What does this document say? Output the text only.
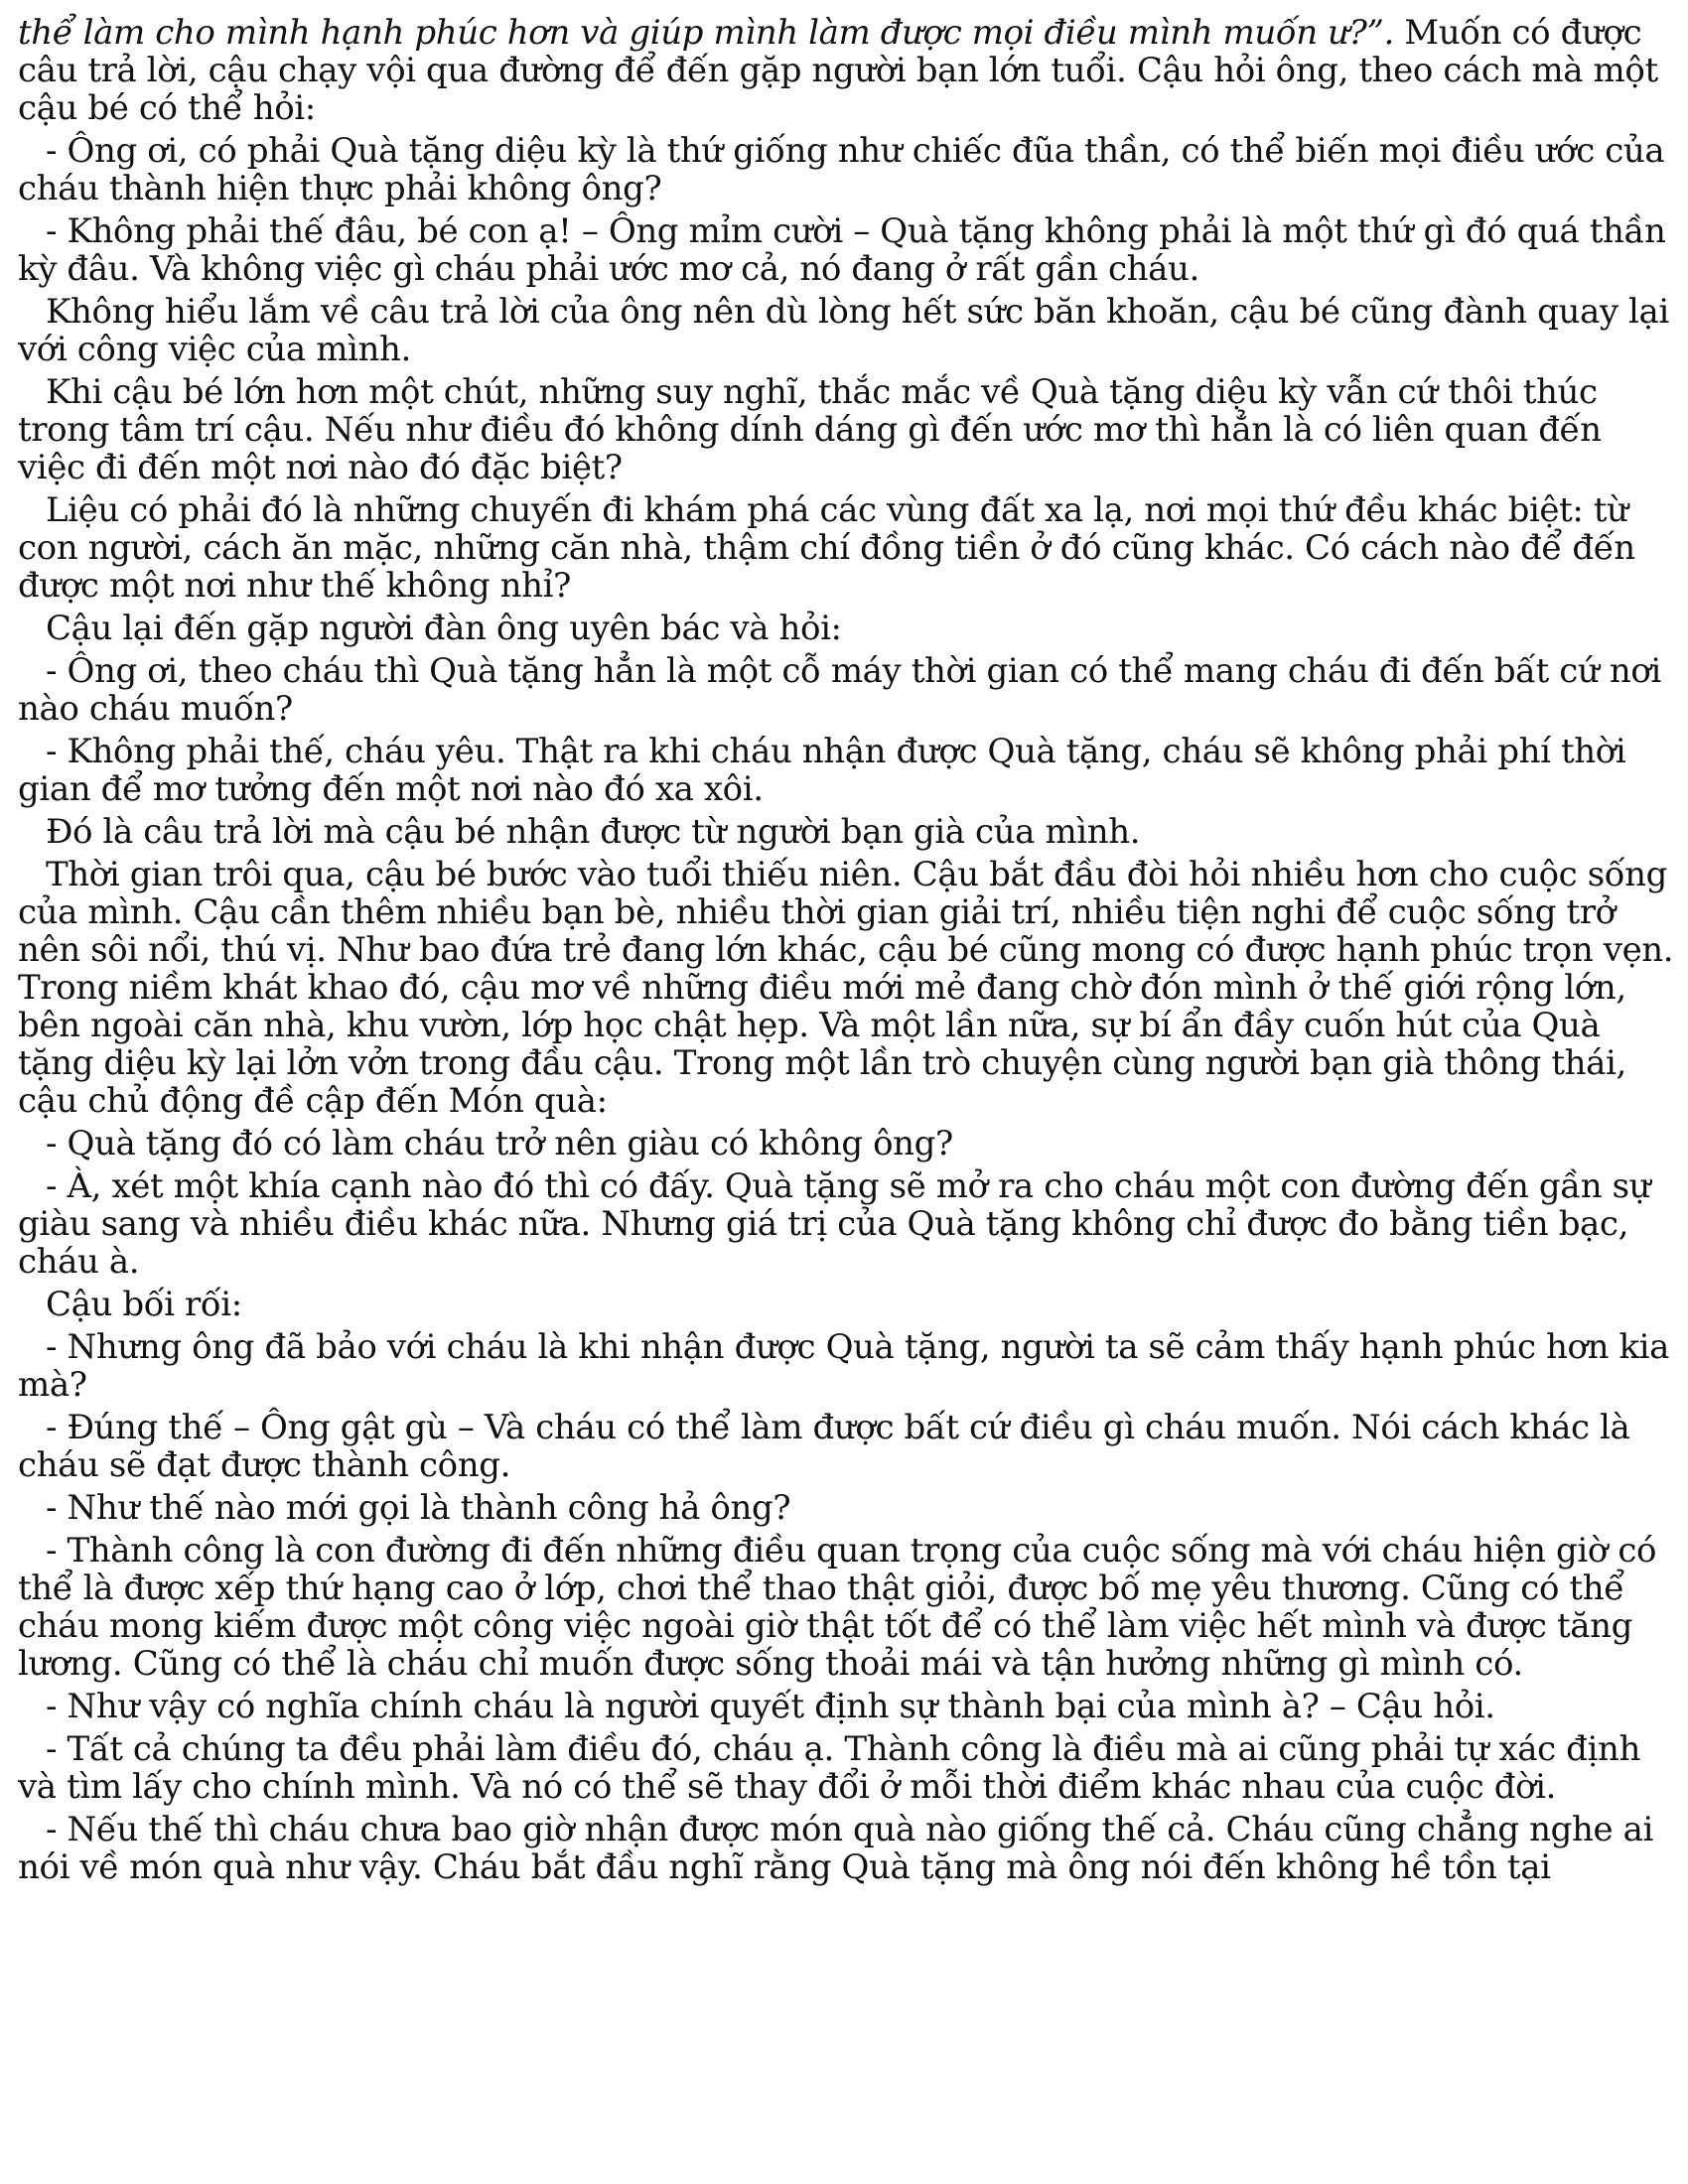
thể làm cho mình hạnh phúc hơn và giúp mình làm được mọi điều mình muốn ư?”. Muốn có được câu trả lời, cậu chạy vội qua đường để đến gặp người bạn lớn tuổi. Cậu hỏi ông, theo cách mà một cậu bé có thể hỏi:

- Ông ơi, có phải Quà tặng diệu kỳ là thứ giống như chiếc đũa thần, có thể biến mọi điều ước của cháu thành hiện thực phải không ông?

- Không phải thế đâu, bé con ạ! – Ông mỉm cười – Quà tặng không phải là một thứ gì đó quá thần kỳ đâu. Và không việc gì cháu phải ước mơ cả, nó đang ở rất gần cháu.

Không hiểu lắm về câu trả lời của ông nên dù lòng hết sức băn khoăn, cậu bé cũng đành quay lại với công việc của mình.

Khi cậu bé lớn hơn một chút, những suy nghĩ, thắc mắc về Quà tặng diệu kỳ vẫn cứ thôi thúc trong tâm trí cậu. Nếu như điều đó không dính dáng gì đến ước mơ thì hẳn là có liên quan đến việc đi đến một nơi nào đó đặc biệt?

Liệu có phải đó là những chuyến đi khám phá các vùng đất xa lạ, nơi mọi thứ đều khác biệt: từ con người, cách ăn mặc, những căn nhà, thậm chí đồng tiền ở đó cũng khác. Có cách nào để đến được một nơi như thế không nhỉ?

Cậu lại đến gặp người đàn ông uyên bác và hỏi:

- Ông ơi, theo cháu thì Quà tặng hẳn là một cỗ máy thời gian có thể mang cháu đi đến bất cứ nơi nào cháu muốn?

- Không phải thế, cháu yêu. Thật ra khi cháu nhận được Quà tặng, cháu sẽ không phải phí thời gian để mơ tưởng đến một nơi nào đó xa xôi.

Đó là câu trả lời mà cậu bé nhận được từ người bạn già của mình.

Thời gian trôi qua, cậu bé bước vào tuổi thiếu niên. Cậu bắt đầu đòi hỏi nhiều hơn cho cuộc sống của mình. Cậu cần thêm nhiều bạn bè, nhiều thời gian giải trí, nhiều tiện nghi để cuộc sống trở nên sôi nổi, thú vị. Như bao đứa trẻ đang lớn khác, cậu bé cũng mong có được hạnh phúc trọn vẹn. Trong niềm khát khao đó, cậu mơ về những điều mới mẻ đang chờ đón mình ở thế giới rộng lớn, bên ngoài căn nhà, khu vườn, lớp học chật hẹp. Và một lần nữa, sự bí ẩn đầy cuốn hút của Quà tặng diệu kỳ lại lởn vởn trong đầu cậu. Trong một lần trò chuyện cùng người bạn già thông thái, cậu chủ động đề cập đến Món quà:

- Quà tặng đó có làm cháu trở nên giàu có không ông?

- À, xét một khía cạnh nào đó thì có đấy. Quà tặng sẽ mở ra cho cháu một con đường đến gần sự giàu sang và nhiều điều khác nữa. Nhưng giá trị của Quà tặng không chỉ được đo bằng tiền bạc, cháu à.

Cậu bối rối:

- Nhưng ông đã bảo với cháu là khi nhận được Quà tặng, người ta sẽ cảm thấy hạnh phúc hơn kia mà?

- Đúng thế – Ông gật gù – Và cháu có thể làm được bất cứ điều gì cháu muốn. Nói cách khác là cháu sẽ đạt được thành công.

- Như thế nào mới gọi là thành công hả ông?

- Thành công là con đường đi đến những điều quan trọng của cuộc sống mà với cháu hiện giờ có thể là được xếp thứ hạng cao ở lớp, chơi thể thao thật giỏi, được bố mẹ yêu thương. Cũng có thể cháu mong kiếm được một công việc ngoài giờ thật tốt để có thể làm việc hết mình và được tăng lương. Cũng có thể là cháu chỉ muốn được sống thoải mái và tận hưởng những gì mình có.

- Như vậy có nghĩa chính cháu là người quyết định sự thành bại của mình à? – Cậu hỏi.

- Tất cả chúng ta đều phải làm điều đó, cháu ạ. Thành công là điều mà ai cũng phải tự xác định và tìm lấy cho chính mình. Và nó có thể sẽ thay đổi ở mỗi thời điểm khác nhau của cuộc đời.

- Nếu thế thì cháu chưa bao giờ nhận được món quà nào giống thế cả. Cháu cũng chẳng nghe ai nói về món quà như vậy. Cháu bắt đầu nghĩ rằng Quà tặng mà ông nói đến không hề tồn tại
